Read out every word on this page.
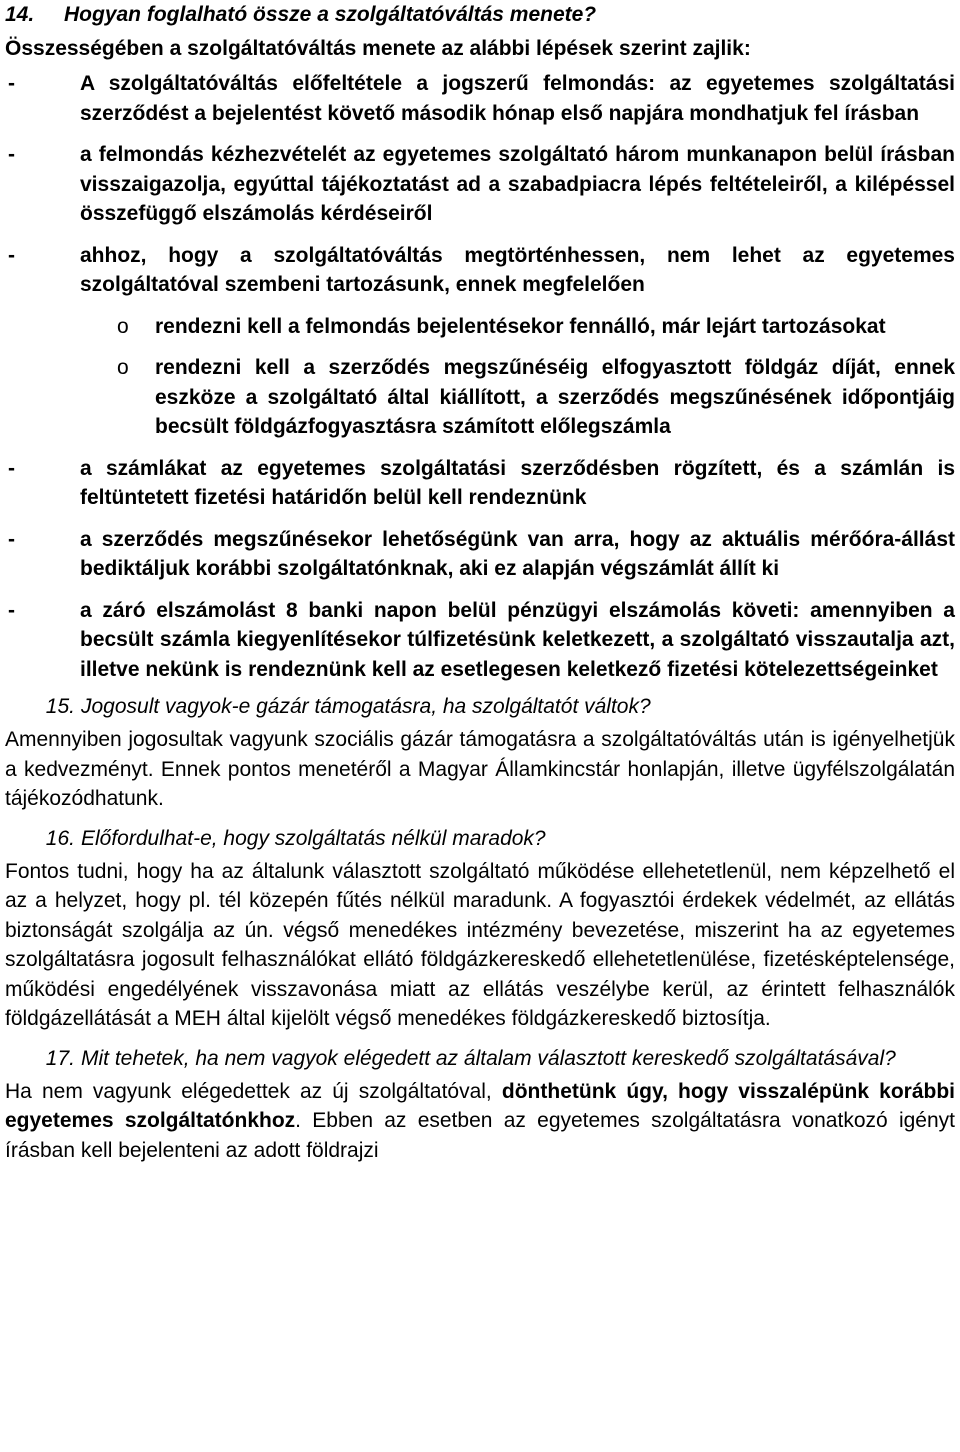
14. Hogyan foglalható össze a szolgáltatóváltás menete?
Összességében a szolgáltatóváltás menete az alábbi lépések szerint zajlik:
-	A szolgáltatóváltás előfeltétele a jogszerű felmondás: az egyetemes szolgáltatási szerződést a bejelentést követő második hónap első napjára mondhatjuk fel írásban
-	a felmondás kézhezvételét az egyetemes szolgáltató három munkanapon belül írásban visszaigazolja, egyúttal tájékoztatást ad a szabadpiacra lépés feltételeiről, a kilépéssel összefüggő elszámolás kérdéseiről
-	ahhoz, hogy a szolgáltatóváltás megtörténhessen, nem lehet az egyetemes szolgáltatóval szembeni tartozásunk, ennek megfelelően
o rendezni kell a felmondás bejelentésekor fennálló, már lejárt tartozásokat
o rendezni kell a szerződés megszűnéséig elfogyasztott földgáz díját, ennek eszköze a szolgáltató által kiállított, a szerződés megszűnésének időpontjáig becsült földgázfogyasztásra számított előlegszámla
-	a számlákat az egyetemes szolgáltatási szerződésben rögzített, és a számlán is feltüntetett fizetési határidőn belül kell rendeznünk
-	a szerződés megszűnésekor lehetőségünk van arra, hogy az aktuális mérőóra-állást bediktáljuk korábbi szolgáltatónknak, aki ez alapján végszámlát állít ki
-	a záró elszámolást 8 banki napon belül pénzügyi elszámolás követi: amennyiben a becsült számla kiegyenlítésekor túlfizetésünk keletkezett, a szolgáltató visszautalja azt, illetve nekünk is rendeznünk kell az esetlegesen keletkező fizetési kötelezettségeinket
15. Jogosult vagyok-e gázár támogatásra, ha szolgáltatót váltok?
Amennyiben jogosultak vagyunk szociális gázár támogatásra a szolgáltatóváltás után is igényelhetjük a kedvezményt. Ennek pontos menetéről a Magyar Államkincstár honlapján, illetve ügyfélszolgálatán tájékozódhatunk.
16. Előfordulhat-e, hogy szolgáltatás nélkül maradok?
Fontos tudni, hogy ha az általunk választott szolgáltató működése ellehetetlenül, nem képzelhető el az a helyzet, hogy pl. tél közepén fűtés nélkül maradunk. A fogyasztói érdekek védelmét, az ellátás biztonságát szolgálja az ún. végső menedékes intézmény bevezetése, miszerint ha az egyetemes szolgáltatásra jogosult felhasználókat ellátó földgázkereskedő ellehetetlenülése, fizetésképtelensége, működési engedélyének visszavonása miatt az ellátás veszélybe kerül, az érintett felhasználók földgázellátását a MEH által kijelölt végső menedékes földgázkereskedő biztosítja.
17. Mit tehetek, ha nem vagyok elégedett az általam választott kereskedő szolgáltatásával?
Ha nem vagyunk elégedettek az új szolgáltatóval, dönthetünk úgy, hogy visszalépünk korábbi egyetemes szolgáltatónkhoz. Ebben az esetben az egyetemes szolgáltatásra vonatkozó igényt írásban kell bejelenteni az adott földrajzi
